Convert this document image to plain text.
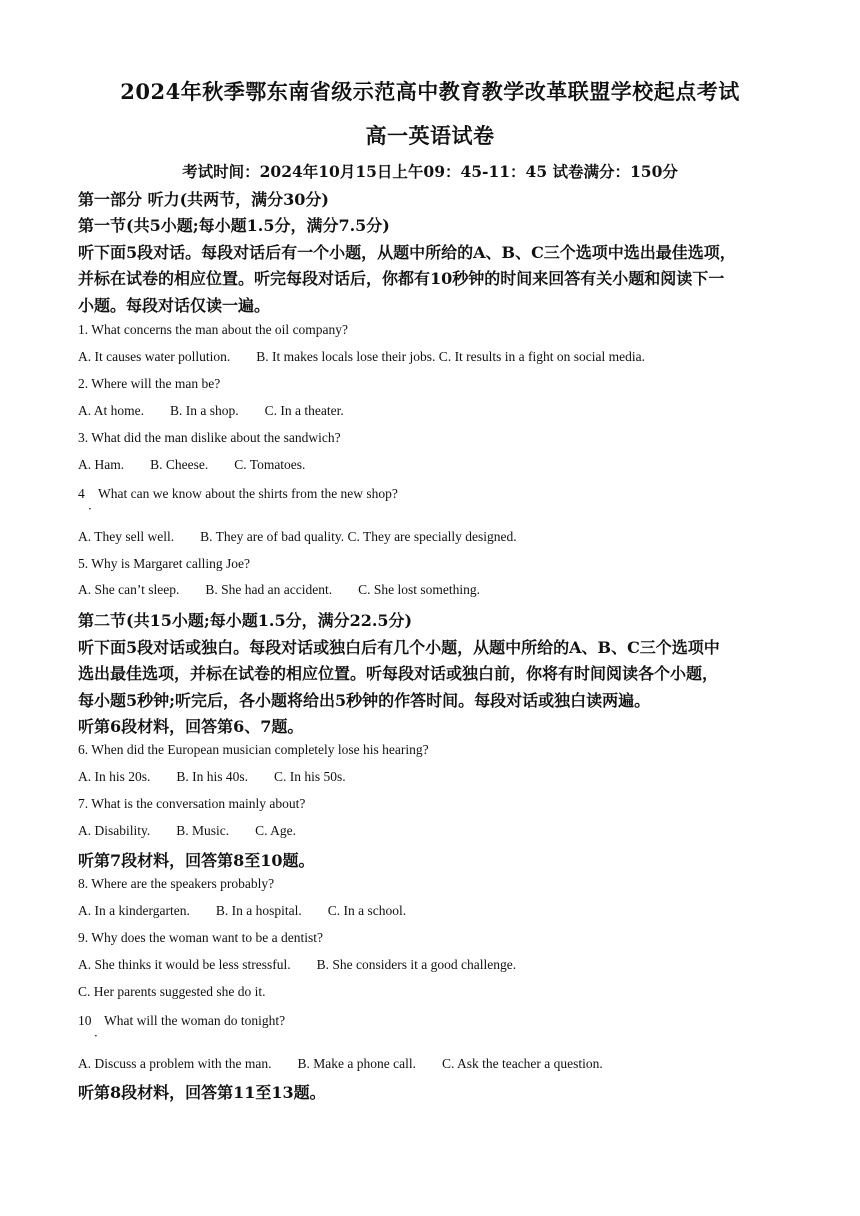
2024年秋季鄂东南省级示范高中教育教学改革联盟学校起点考试
高一英语试卷
考试时间：2024年10月15日上午09：45-11：45 试卷满分：150分
第一部分 听力(共两节，满分30分)
第一节(共5小题;每小题1.5分，满分7.5分)
听下面5段对话。每段对话后有一个小题，从题中所给的A、B、C三个选项中选出最佳选项，
并标在试卷的相应位置。听完每段对话后，你都有10秒钟的时间来回答有关小题和阅读下一
小题。每段对话仅读一遍。
1. What concerns the man about the oil company?
A. It causes water pollution. B. It makes locals lose their jobs. C. It results in a fight on social media.
2. Where will the man be?
A. At home. B. In a shop. C. In a theater.
3. What did the man dislike about the sandwich?
A. Ham. B. Cheese. C. Tomatoes.
4 What can we know about the shirts from the new shop?
·
A. They sell well. B. They are of bad quality. C. They are specially designed.
5. Why is Margaret calling Joe?
A. She can’t sleep. B. She had an accident. C. She lost something.
第二节(共15小题;每小题1.5分，满分22.5分)
听下面5段对话或独白。每段对话或独白后有几个小题，从题中所给的A、B、C三个选项中
选出最佳选项，并标在试卷的相应位置。听每段对话或独白前，你将有时间阅读各个小题，
每小题5秒钟;听完后，各小题将给出5秒钟的作答时间。每段对话或独白读两遍。
听第6段材料，回答第6、7题。
6. When did the European musician completely lose his hearing?
A. In his 20s. B. In his 40s. C. In his 50s.
7. What is the conversation mainly about?
A. Disability. B. Music. C. Age.
听第7段材料，回答第8至10题。
8. Where are the speakers probably?
A. In a kindergarten. B. In a hospital. C. In a school.
9. Why does the woman want to be a dentist?
A. She thinks it would be less stressful. B. She considers it a good challenge.
C. Her parents suggested she do it.
10 What will the woman do tonight?
·
A. Discuss a problem with the man. B. Make a phone call. C. Ask the teacher a question.
听第8段材料，回答第11至13题。
